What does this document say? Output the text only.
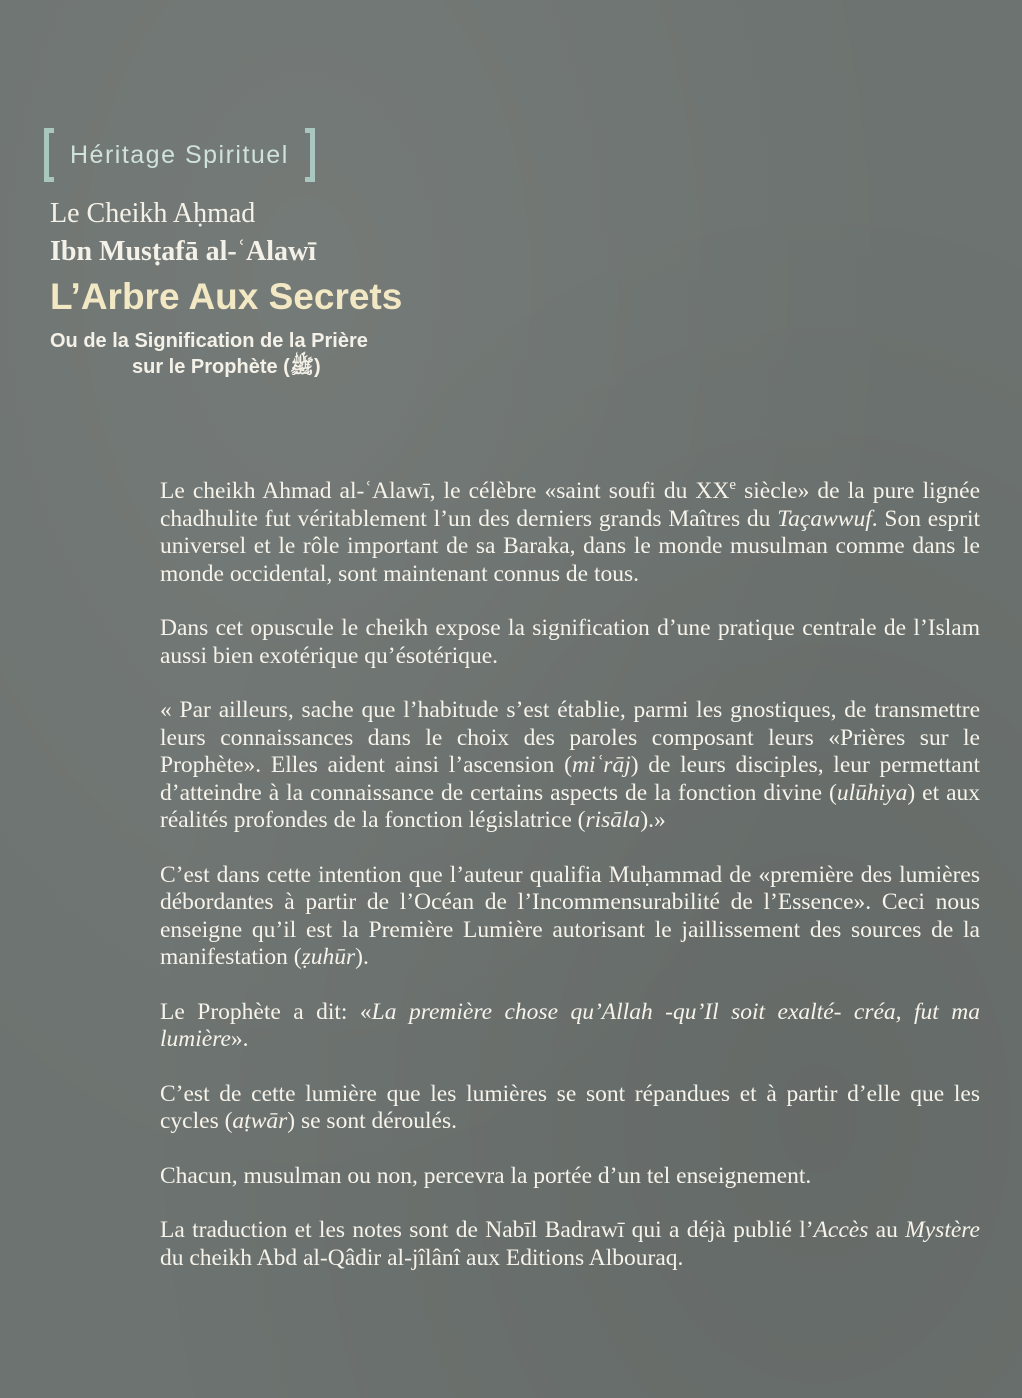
Héritage Spirituel
Le Cheikh Aḥmad
Ibn Musṭafā al-ʿAlawī
L’Arbre Aux Secrets
Ou de la Signification de la Prière
sur le Prophète (ﷺ)

Le cheikh Ahmad al-ʿAlawī, le célèbre «saint soufi du XXe siècle» de la pure lignée chadhulite fut véritablement l’un des derniers grands Maîtres du Taçawwuf. Son esprit universel et le rôle important de sa Baraka, dans le monde musulman comme dans le monde occidental, sont maintenant connus de tous.

Dans cet opuscule le cheikh expose la signification d’une pratique centrale de l’Islam aussi bien exotérique qu’ésotérique.

« Par ailleurs, sache que l’habitude s’est établie, parmi les gnostiques, de transmettre leurs connaissances dans le choix des paroles composant leurs «Prières sur le Prophète». Elles aident ainsi l’ascension (miʿrāj) de leurs disciples, leur permettant d’atteindre à la connaissance de certains aspects de la fonction divine (ulūhiya) et aux réalités profondes de la fonction législatrice (risāla).»

C’est dans cette intention que l’auteur qualifia Muḥammad de «première des lumières débordantes à partir de l’Océan de l’Incommensurabilité de l’Essence». Ceci nous enseigne qu’il est la Première Lumière autorisant le jaillissement des sources de la manifestation (ẓuhūr).

Le Prophète a dit: «La première chose qu’Allah -qu’Il soit exalté- créa, fut ma lumière».

C’est de cette lumière que les lumières se sont répandues et à partir d’elle que les cycles (aṭwār) se sont déroulés.

Chacun, musulman ou non, percevra la portée d’un tel enseignement.

La traduction et les notes sont de Nabīl Badrawī qui a déjà publié l’Accès au Mystère du cheikh Abd al-Qâdir al-jîlânî aux Editions Albouraq.
